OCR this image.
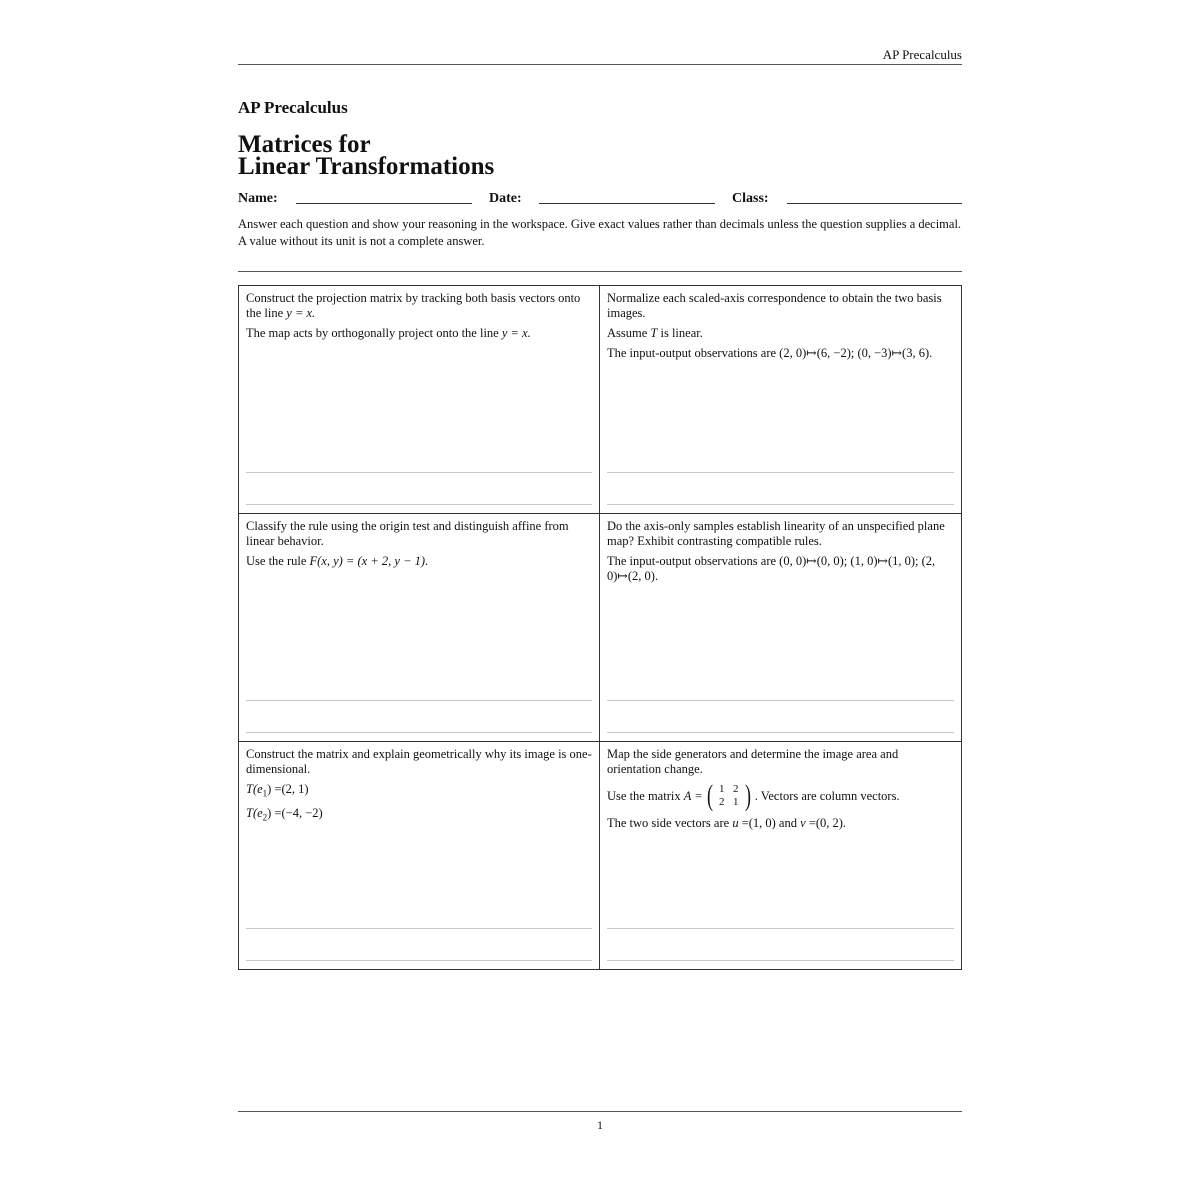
AP Precalculus
AP Precalculus
Matrices for
Linear Transformations
Name:	Date:	Class:

Answer each question and show your reasoning in the workspace. Give exact values rather than decimals unless the question supplies a decimal. A value without its unit is not a complete answer.

Construct the projection matrix by tracking both basis vectors onto the line y = x.

The map acts by orthogonally project onto the line y = x.

Normalize each scaled-axis correspondence to obtain the two basis images.

Assume T is linear.

The input-output observations are (2, 0)↦(6, −2); (0, −3)↦(3, 6).

Classify the rule using the origin test and distinguish affine from linear behavior.

Use the rule F(x, y) = (x + 2, y − 1).

Do the axis-only samples establish linearity of an unspecified plane map? Exhibit contrasting compatible rules.

The input-output observations are (0, 0)↦(0, 0); (1, 0)↦(1, 0); (2, 0)↦(2, 0).

Construct the matrix and explain geometrically why its image is one-dimensional.

$T(e_1) =(2$, 1)

$T(e_2) =(-4$, −2)

Map the side generators and determine the image area and orientation change.

Use the matrix
A = ( 1 2
2 1 ) . Vectors are column vectors.

The two side vectors are u =(1, 0) and v =(0, 2).

1
